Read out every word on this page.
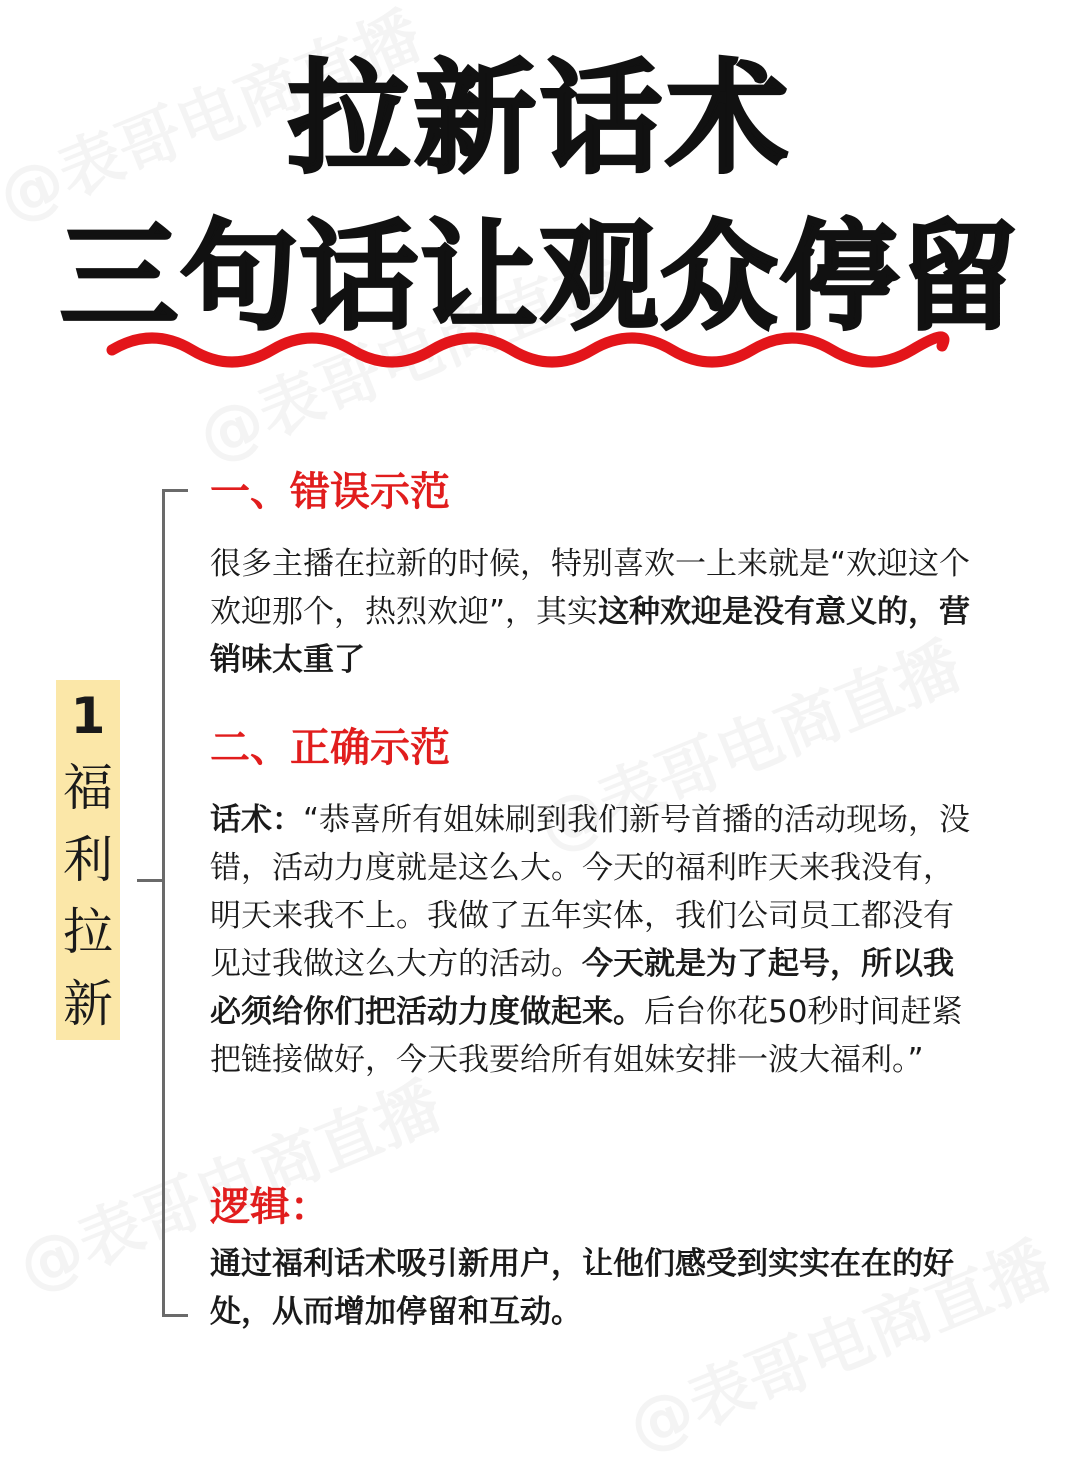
拉新话术
三句话让观众停留
1
福
利
拉
新
一、错误示范

很多主播在拉新的时候，特别喜欢一上来就是“欢迎这个欢迎那个，热烈欢迎”，其实这种欢迎是没有意义的，营销味太重了

二、正确示范

话术：“恭喜所有姐妹刷到我们新号首播的活动现场，没错，活动力度就是这么大。今天的福利昨天来我没有，明天来我不上。我做了五年实体，我们公司员工都没有见过我做这么大方的活动。今天就是为了起号，所以我必须给你们把活动力度做起来。后台你花50秒时间赶紧把链接做好，今天我要给所有姐妹安排一波大福利。”

逻辑：

通过福利话术吸引新用户，让他们感受到实实在在的好处，从而增加停留和互动。
